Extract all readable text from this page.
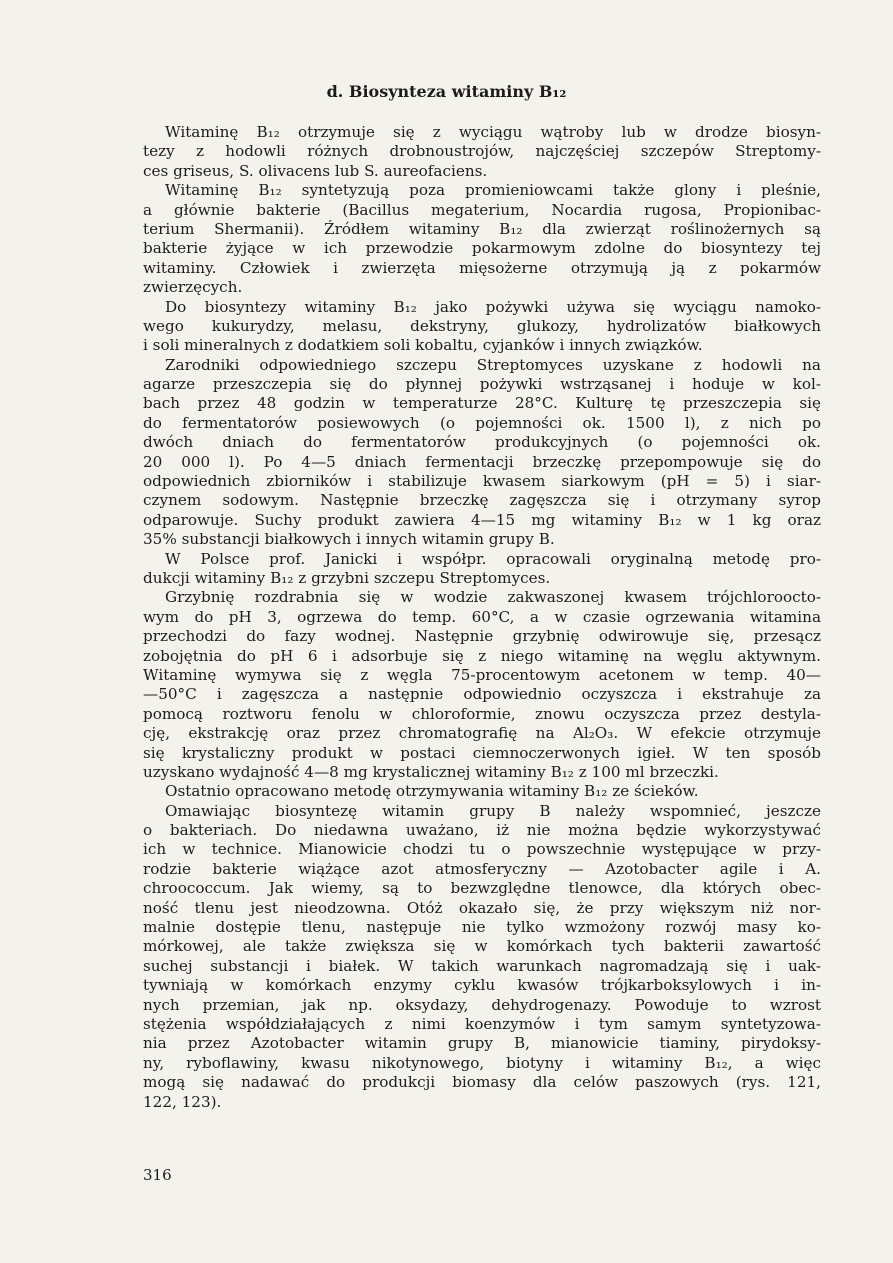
d. Biosynteza witaminy B₁₂
Witaminę B₁₂ otrzymuje się z wyciągu wątroby lub w drodze biosyn-
tezy z hodowli różnych drobnoustrojów, najczęściej szczepów Streptomy-
ces griseus, S. olivacens lub S. aureofaciens.
Witaminę B₁₂ syntetyzują poza promieniowcami także glony i pleśnie,
a głównie bakterie (Bacillus megaterium, Nocardia rugosa, Propionibac-
terium Shermanii). Źródłem witaminy B₁₂ dla zwierząt roślinożernych są
bakterie żyjące w ich przewodzie pokarmowym zdolne do biosyntezy tej
witaminy. Człowiek i zwierzęta mięsożerne otrzymują ją z pokarmów
zwierzęcych.
Do biosyntezy witaminy B₁₂ jako pożywki używa się wyciągu namoko-
wego kukurydzy, melasu, dekstryny, glukozy, hydrolizatów białkowych
i soli mineralnych z dodatkiem soli kobaltu, cyjanków i innych związków.
Zarodniki odpowiedniego szczepu Streptomyces uzyskane z hodowli na
agarze przeszczepia się do płynnej pożywki wstrząsanej i hoduje w kol-
bach przez 48 godzin w temperaturze 28°C. Kulturę tę przeszczepia się
do fermentatorów posiewowych (o pojemności ok. 1500 l), z nich po
dwóch dniach do fermentatorów produkcyjnych (o pojemności ok.
20 000 l). Po 4—5 dniach fermentacji brzeczkę przepompowuje się do
odpowiednich zbiorników i stabilizuje kwasem siarkowym (pH = 5) i siar-
czynem sodowym. Następnie brzeczkę zagęszcza się i otrzymany syrop
odparowuje. Suchy produkt zawiera 4—15 mg witaminy B₁₂ w 1 kg oraz
35% substancji białkowych i innych witamin grupy B.
W Polsce prof. Janicki i współpr. opracowali oryginalną metodę pro-
dukcji witaminy B₁₂ z grzybni szczepu Streptomyces.
Grzybnię rozdrabnia się w wodzie zakwaszonej kwasem trójchloroocto-
wym do pH 3, ogrzewa do temp. 60°C, a w czasie ogrzewania witamina
przechodzi do fazy wodnej. Następnie grzybnię odwirowuje się, przesącz
zobojętnia do pH 6 i adsorbuje się z niego witaminę na węglu aktywnym.
Witaminę wymywa się z węgla 75-procentowym acetonem w temp. 40—
—50°C i zagęszcza a następnie odpowiednio oczyszcza i ekstrahuje za
pomocą roztworu fenolu w chloroformie, znowu oczyszcza przez destyla-
cję, ekstrakcję oraz przez chromatografię na Al₂O₃. W efekcie otrzymuje
się krystaliczny produkt w postaci ciemnoczerwonych igieł. W ten sposób
uzyskano wydajność 4—8 mg krystalicznej witaminy B₁₂ z 100 ml brzeczki.
Ostatnio opracowano metodę otrzymywania witaminy B₁₂ ze ścieków.
Omawiając biosyntezę witamin grupy B należy wspomnieć, jeszcze
o bakteriach. Do niedawna uważano, iż nie można będzie wykorzystywać
ich w technice. Mianowicie chodzi tu o powszechnie występujące w przy-
rodzie bakterie wiążące azot atmosferyczny — Azotobacter agile i A.
chroococcum. Jak wiemy, są to bezwzględne tlenowce, dla których obec-
ność tlenu jest nieodzowna. Otóż okazało się, że przy większym niż nor-
malnie dostępie tlenu, następuje nie tylko wzmożony rozwój masy ko-
mórkowej, ale także zwiększa się w komórkach tych bakterii zawartość
suchej substancji i białek. W takich warunkach nagromadzają się i uak-
tywniają w komórkach enzymy cyklu kwasów trójkarboksylowych i in-
nych przemian, jak np. oksydazy, dehydrogenazy. Powoduje to wzrost
stężenia współdziałających z nimi koenzymów i tym samym syntetyzowa-
nia przez Azotobacter witamin grupy B, mianowicie tiaminy, pirydoksy-
ny, ryboflawiny, kwasu nikotynowego, biotyny i witaminy B₁₂, a więc
mogą się nadawać do produkcji biomasy dla celów paszowych (rys. 121,
122, 123).
316
